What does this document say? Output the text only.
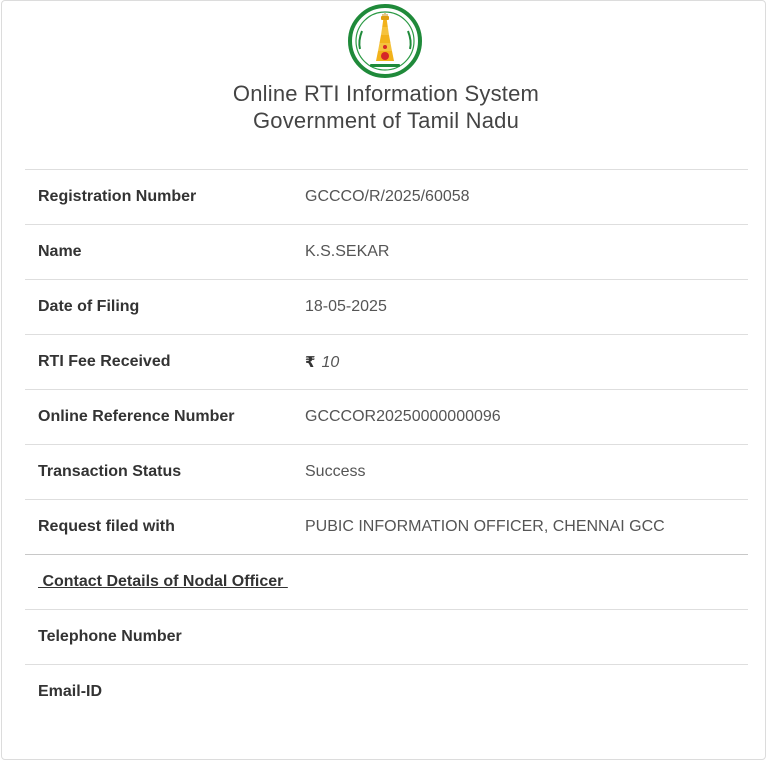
Online RTI Information System
Government of Tamil Nadu
Registration Number	GCCCO/R/2025/60058
Name	K.S.SEKAR
Date of Filing	18-05-2025
RTI Fee Received	₹ 10
Online Reference Number	GCCCOR20250000000096
Transaction Status	Success
Request filed with	PUBIC INFORMATION OFFICER, CHENNAI GCC
Contact Details of Nodal Officer	
Telephone Number	
Email-ID	
